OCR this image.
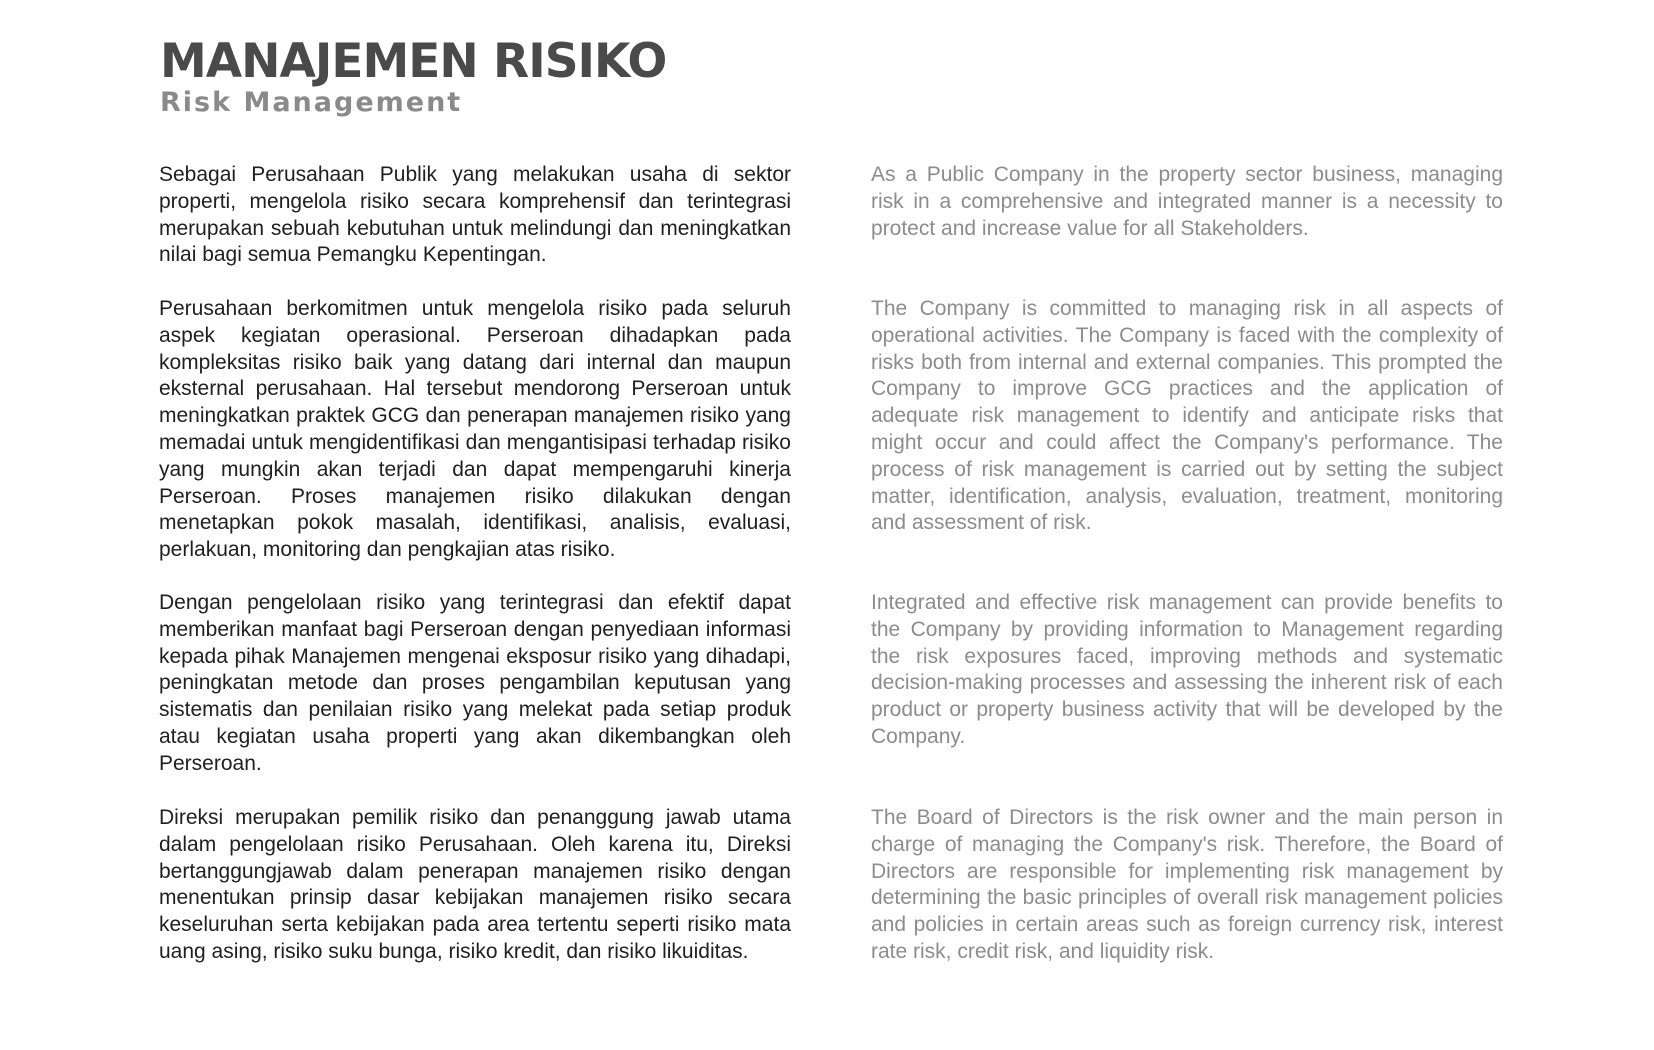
MANAJEMEN RISIKO
Risk Management

Sebagai Perusahaan Publik yang melakukan usaha di sektor properti, mengelola risiko secara komprehensif dan terintegrasi merupakan sebuah kebutuhan untuk melindungi dan meningkatkan nilai bagi semua Pemangku Kepentingan.

Perusahaan berkomitmen untuk mengelola risiko pada seluruh aspek kegiatan operasional. Perseroan dihadapkan pada kompleksitas risiko baik yang datang dari internal dan maupun eksternal perusahaan. Hal tersebut mendorong Perseroan untuk meningkatkan praktek GCG dan penerapan manajemen risiko yang memadai untuk mengidentifikasi dan mengantisipasi terhadap risiko yang mungkin akan terjadi dan dapat mempengaruhi kinerja Perseroan. Proses manajemen risiko dilakukan dengan menetapkan pokok masalah, identifikasi, analisis, evaluasi, perlakuan, monitoring dan pengkajian atas risiko.

Dengan pengelolaan risiko yang terintegrasi dan efektif dapat memberikan manfaat bagi Perseroan dengan penyediaan informasi kepada pihak Manajemen mengenai eksposur risiko yang dihadapi, peningkatan metode dan proses pengambilan keputusan yang sistematis dan penilaian risiko yang melekat pada setiap produk atau kegiatan usaha properti yang akan dikembangkan oleh Perseroan.

Direksi merupakan pemilik risiko dan penanggung jawab utama dalam pengelolaan risiko Perusahaan. Oleh karena itu, Direksi bertanggungjawab dalam penerapan manajemen risiko dengan menentukan prinsip dasar kebijakan manajemen risiko secara keseluruhan serta kebijakan pada area tertentu seperti risiko mata uang asing, risiko suku bunga, risiko kredit, dan risiko likuiditas.

As a Public Company in the property sector business, managing risk in a comprehensive and integrated manner is a necessity to protect and increase value for all Stakeholders.

The Company is committed to managing risk in all aspects of operational activities. The Company is faced with the complexity of risks both from internal and external companies. This prompted the Company to improve GCG practices and the application of adequate risk management to identify and anticipate risks that might occur and could affect the Company's performance. The process of risk management is carried out by setting the subject matter, identification, analysis, evaluation, treatment, monitoring and assessment of risk.

Integrated and effective risk management can provide benefits to the Company by providing information to Management regarding the risk exposures faced, improving methods and systematic decision-making processes and assessing the inherent risk of each product or property business activity that will be developed by the Company.

The Board of Directors is the risk owner and the main person in charge of managing the Company's risk. Therefore, the Board of Directors are responsible for implementing risk management by determining the basic principles of overall risk management policies and policies in certain areas such as foreign currency risk, interest rate risk, credit risk, and liquidity risk.
